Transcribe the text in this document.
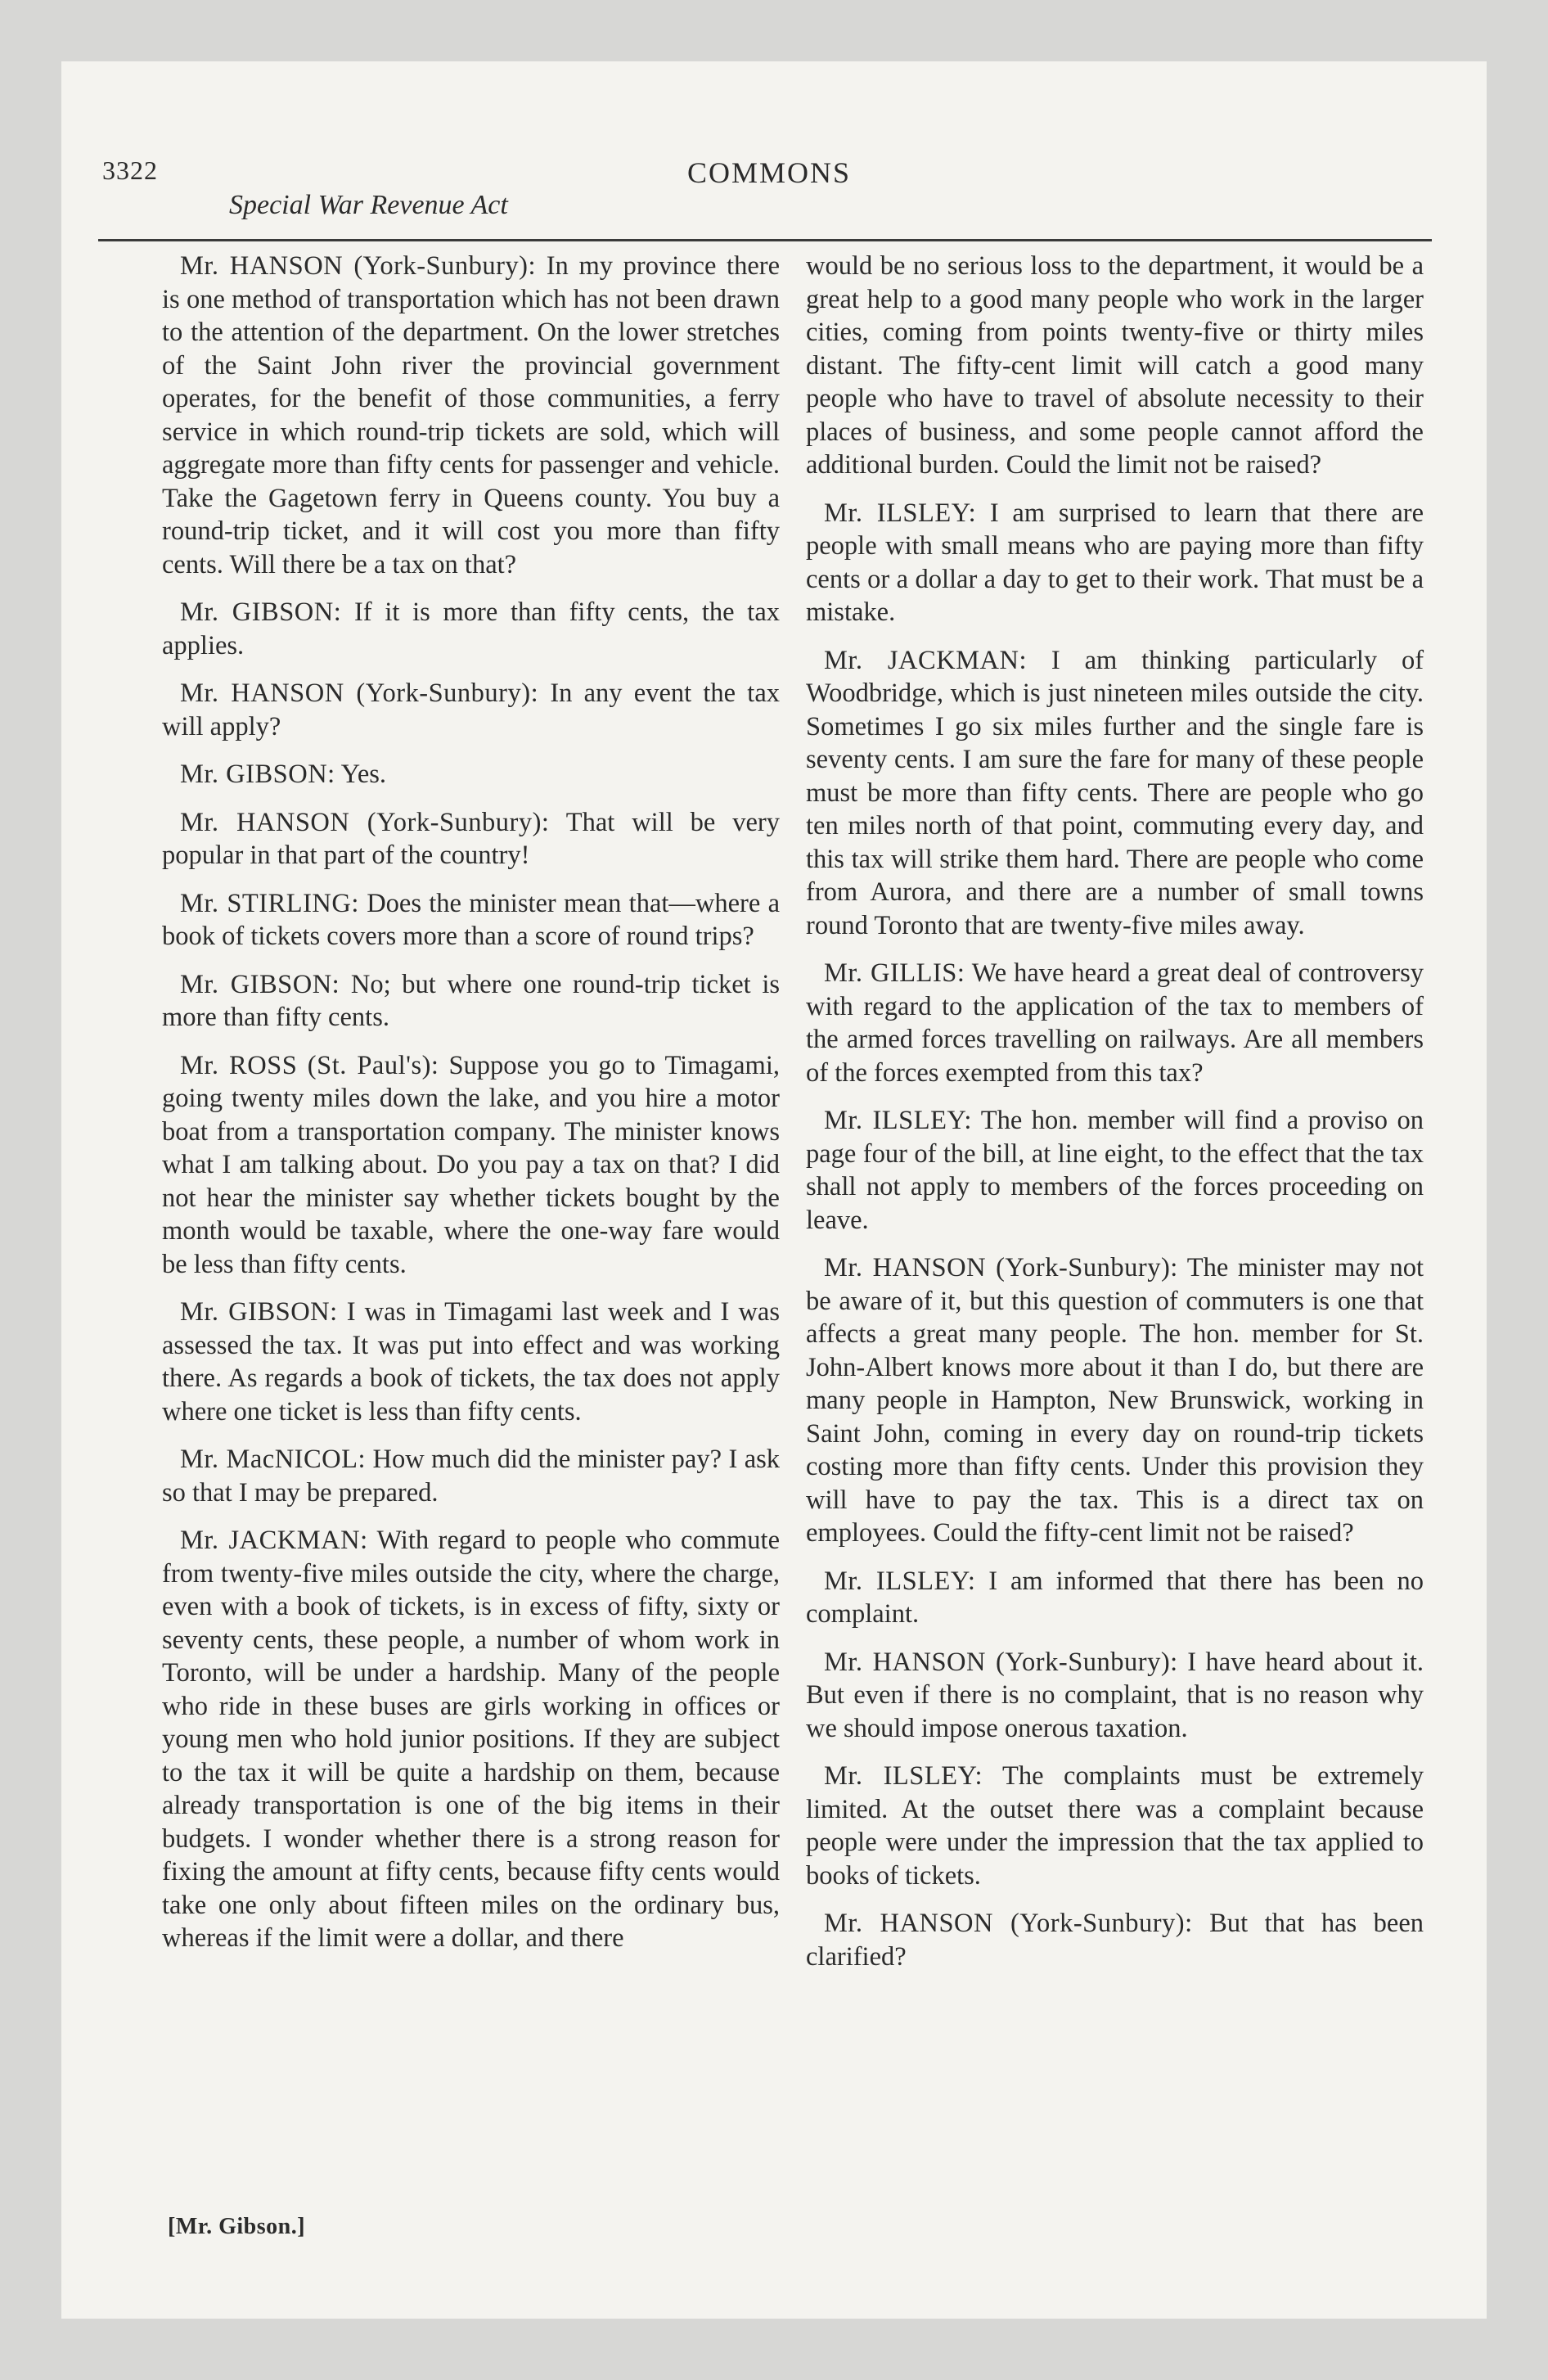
3322	COMMONS
Special War Revenue Act

Mr. HANSON (York-Sunbury): In my province there is one method of transportation which has not been drawn to the attention of the department. On the lower stretches of the Saint John river the provincial government operates, for the benefit of those communities, a ferry service in which round-trip tickets are sold, which will aggregate more than fifty cents for passenger and vehicle. Take the Gagetown ferry in Queens county. You buy a round-trip ticket, and it will cost you more than fifty cents. Will there be a tax on that?

Mr. GIBSON: If it is more than fifty cents, the tax applies.

Mr. HANSON (York-Sunbury): In any event the tax will apply?

Mr. GIBSON: Yes.

Mr. HANSON (York-Sunbury): That will be very popular in that part of the country!

Mr. STIRLING: Does the minister mean that—where a book of tickets covers more than a score of round trips?

Mr. GIBSON: No; but where one round-trip ticket is more than fifty cents.

Mr. ROSS (St. Paul's): Suppose you go to Timagami, going twenty miles down the lake, and you hire a motor boat from a transportation company. The minister knows what I am talking about. Do you pay a tax on that? I did not hear the minister say whether tickets bought by the month would be taxable, where the one-way fare would be less than fifty cents.

Mr. GIBSON: I was in Timagami last week and I was assessed the tax. It was put into effect and was working there. As regards a book of tickets, the tax does not apply where one ticket is less than fifty cents.

Mr. MacNICOL: How much did the minister pay? I ask so that I may be prepared.

Mr. JACKMAN: With regard to people who commute from twenty-five miles outside the city, where the charge, even with a book of tickets, is in excess of fifty, sixty or seventy cents, these people, a number of whom work in Toronto, will be under a hardship. Many of the people who ride in these buses are girls working in offices or young men who hold junior positions. If they are subject to the tax it will be quite a hardship on them, because already transportation is one of the big items in their budgets. I wonder whether there is a strong reason for fixing the amount at fifty cents, because fifty cents would take one only about fifteen miles on the ordinary bus, whereas if the limit were a dollar, and there

would be no serious loss to the department, it would be a great help to a good many people who work in the larger cities, coming from points twenty-five or thirty miles distant. The fifty-cent limit will catch a good many people who have to travel of absolute necessity to their places of business, and some people cannot afford the additional burden. Could the limit not be raised?

Mr. ILSLEY: I am surprised to learn that there are people with small means who are paying more than fifty cents or a dollar a day to get to their work. That must be a mistake.

Mr. JACKMAN: I am thinking particularly of Woodbridge, which is just nineteen miles outside the city. Sometimes I go six miles further and the single fare is seventy cents. I am sure the fare for many of these people must be more than fifty cents. There are people who go ten miles north of that point, commuting every day, and this tax will strike them hard. There are people who come from Aurora, and there are a number of small towns round Toronto that are twenty-five miles away.

Mr. GILLIS: We have heard a great deal of controversy with regard to the application of the tax to members of the armed forces travelling on railways. Are all members of the forces exempted from this tax?

Mr. ILSLEY: The hon. member will find a proviso on page four of the bill, at line eight, to the effect that the tax shall not apply to members of the forces proceeding on leave.

Mr. HANSON (York-Sunbury): The minister may not be aware of it, but this question of commuters is one that affects a great many people. The hon. member for St. John-Albert knows more about it than I do, but there are many people in Hampton, New Brunswick, working in Saint John, coming in every day on round-trip tickets costing more than fifty cents. Under this provision they will have to pay the tax. This is a direct tax on employees. Could the fifty-cent limit not be raised?

Mr. ILSLEY: I am informed that there has been no complaint.

Mr. HANSON (York-Sunbury): I have heard about it. But even if there is no complaint, that is no reason why we should impose onerous taxation.

Mr. ILSLEY: The complaints must be extremely limited. At the outset there was a complaint because people were under the impression that the tax applied to books of tickets.

Mr. HANSON (York-Sunbury): But that has been clarified?

[Mr. Gibson.]
